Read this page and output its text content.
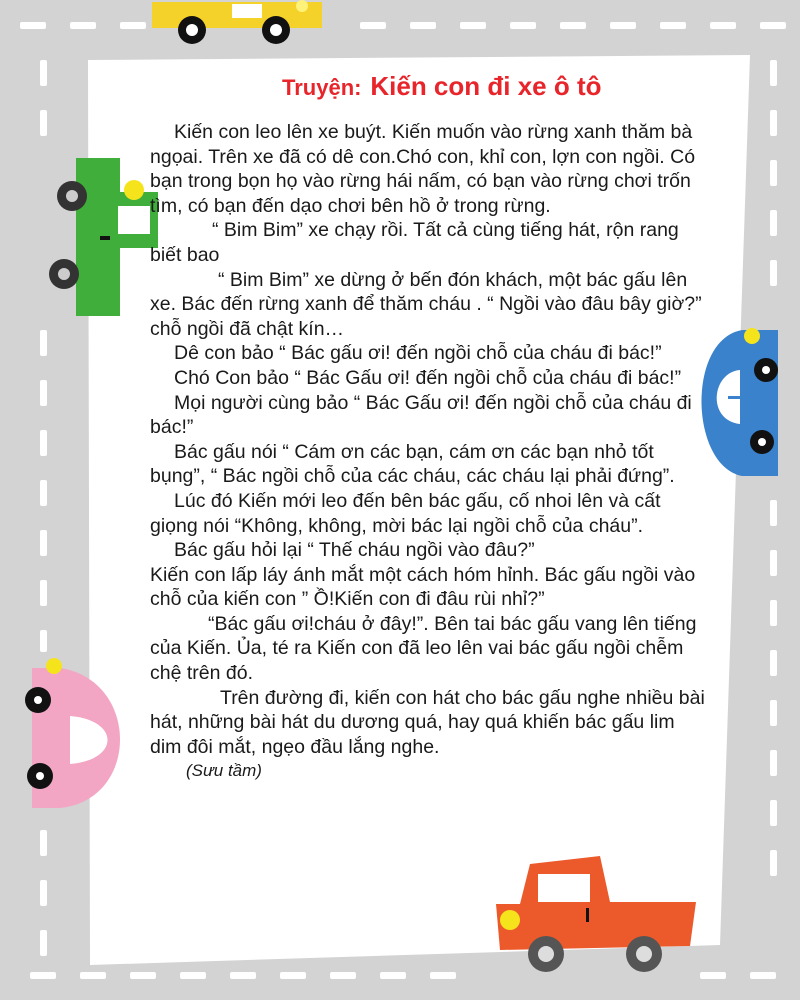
Truyện: Kiến con đi xe ô tô

Kiến con leo lên xe buýt. Kiến muốn vào rừng xanh thăm bà ngọai. Trên xe đã có dê con.Chó con, khỉ con, lợn con ngồi. Có bạn trong bọn họ vào rừng hái nấm, có bạn vào rừng chơi trốn tìm, có bạn đến dạo chơi bên hồ ở trong rừng.

“ Bim Bim” xe chạy rồi. Tất cả cùng tiếng hát, rộn rang biết bao

“ Bim Bim” xe dừng ở bến đón khách, một bác gấu lên xe. Bác đến rừng xanh để thăm cháu . “ Ngồi vào đâu bây giờ?” chỗ ngồi đã chật kín…

Dê con bảo “ Bác gấu ơi! đến ngồi chỗ của cháu đi bác!”

Chó Con bảo “ Bác Gấu ơi! đến ngồi chỗ của cháu đi bác!”

Mọi người cùng bảo “ Bác Gấu ơi! đến ngồi chỗ của cháu đi bác!”

Bác gấu nói “ Cám ơn các bạn, cám ơn các bạn nhỏ tốt bụng”, “ Bác ngồi chỗ của các cháu, các cháu lại phải đứng”.

Lúc đó Kiến mới leo đến bên bác gấu, cố nhoi lên và cất giọng nói “Không, không, mời bác lại ngồi chỗ của cháu”.

Bác gấu hỏi lại “ Thế cháu ngồi vào đâu?”

Kiến con lấp láy ánh mắt một cách hóm hỉnh. Bác gấu ngồi vào chỗ của kiến con ” Ồ!Kiến con đi đâu rùi nhỉ?”

“Bác gấu ơi!cháu ở đây!”. Bên tai bác gấu vang lên tiếng của Kiến. Ủa, té ra Kiến con đã leo lên vai bác gấu ngồi chễm chệ trên đó.

Trên đường đi, kiến con hát cho bác gấu nghe nhiều bài hát, những bài hát du dương quá, hay quá khiến bác gấu lim dim đôi mắt, ngẹo đầu lắng nghe.

(Sưu tầm)
